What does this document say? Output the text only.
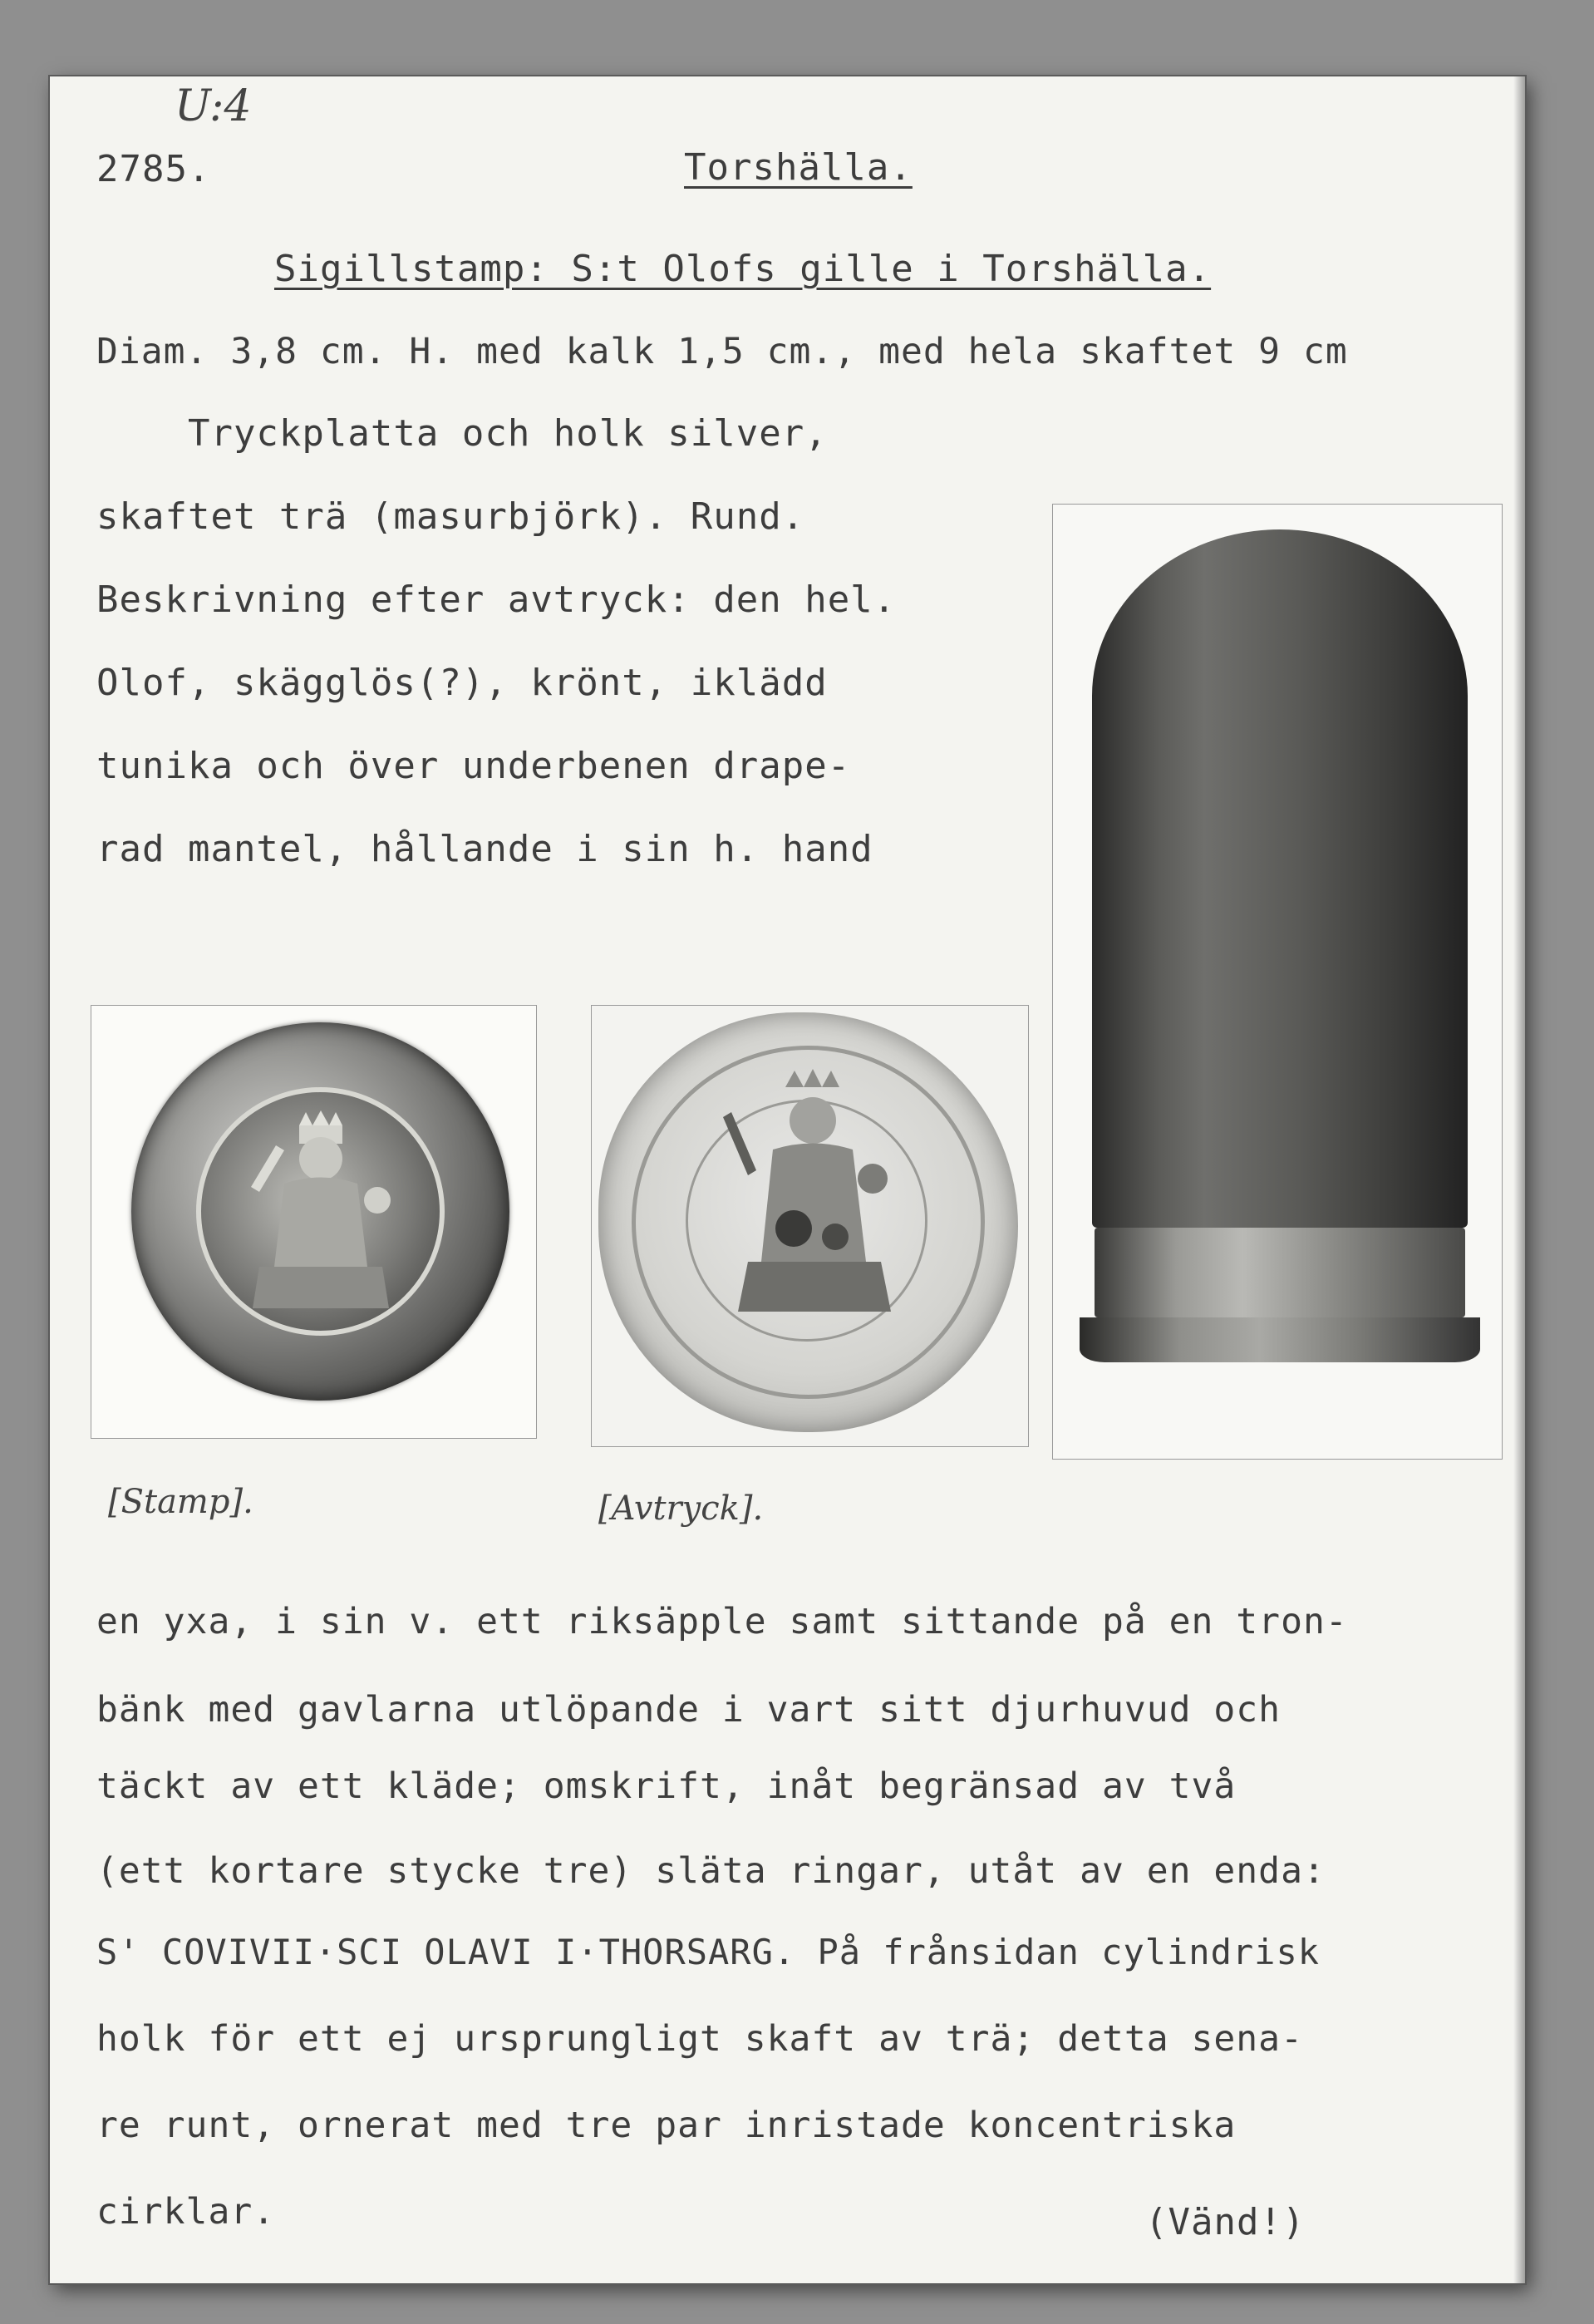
U:4
2785.	Torshälla.
Sigillstamp: S:t Olofs gille i Torshälla.
Diam. 3,8 cm. H. med kalk 1,5 cm., med hela skaftet 9 cm
Tryckplatta och holk silver,
skaftet trä (masurbjörk). Rund.
Beskrivning efter avtryck: den hel.
Olof, skägglös(?), krönt, iklädd
tunika och över underbenen drape-
rad mantel, hållande i sin h. hand
[Stamp].	[Avtryck].
en yxa, i sin v. ett riksäpple samt sittande på en tron-
bänk med gavlarna utlöpande i vart sitt djurhuvud och
täckt av ett kläde; omskrift, inåt begränsad av två
(ett kortare stycke tre) släta ringar, utåt av en enda:
S' COVIVII·SCI OLAVI I·THORSARG. På frånsidan cylindrisk
holk för ett ej ursprungligt skaft av trä; detta sena-
re runt, ornerat med tre par inristade koncentriska
cirklar.	(Vänd!)
